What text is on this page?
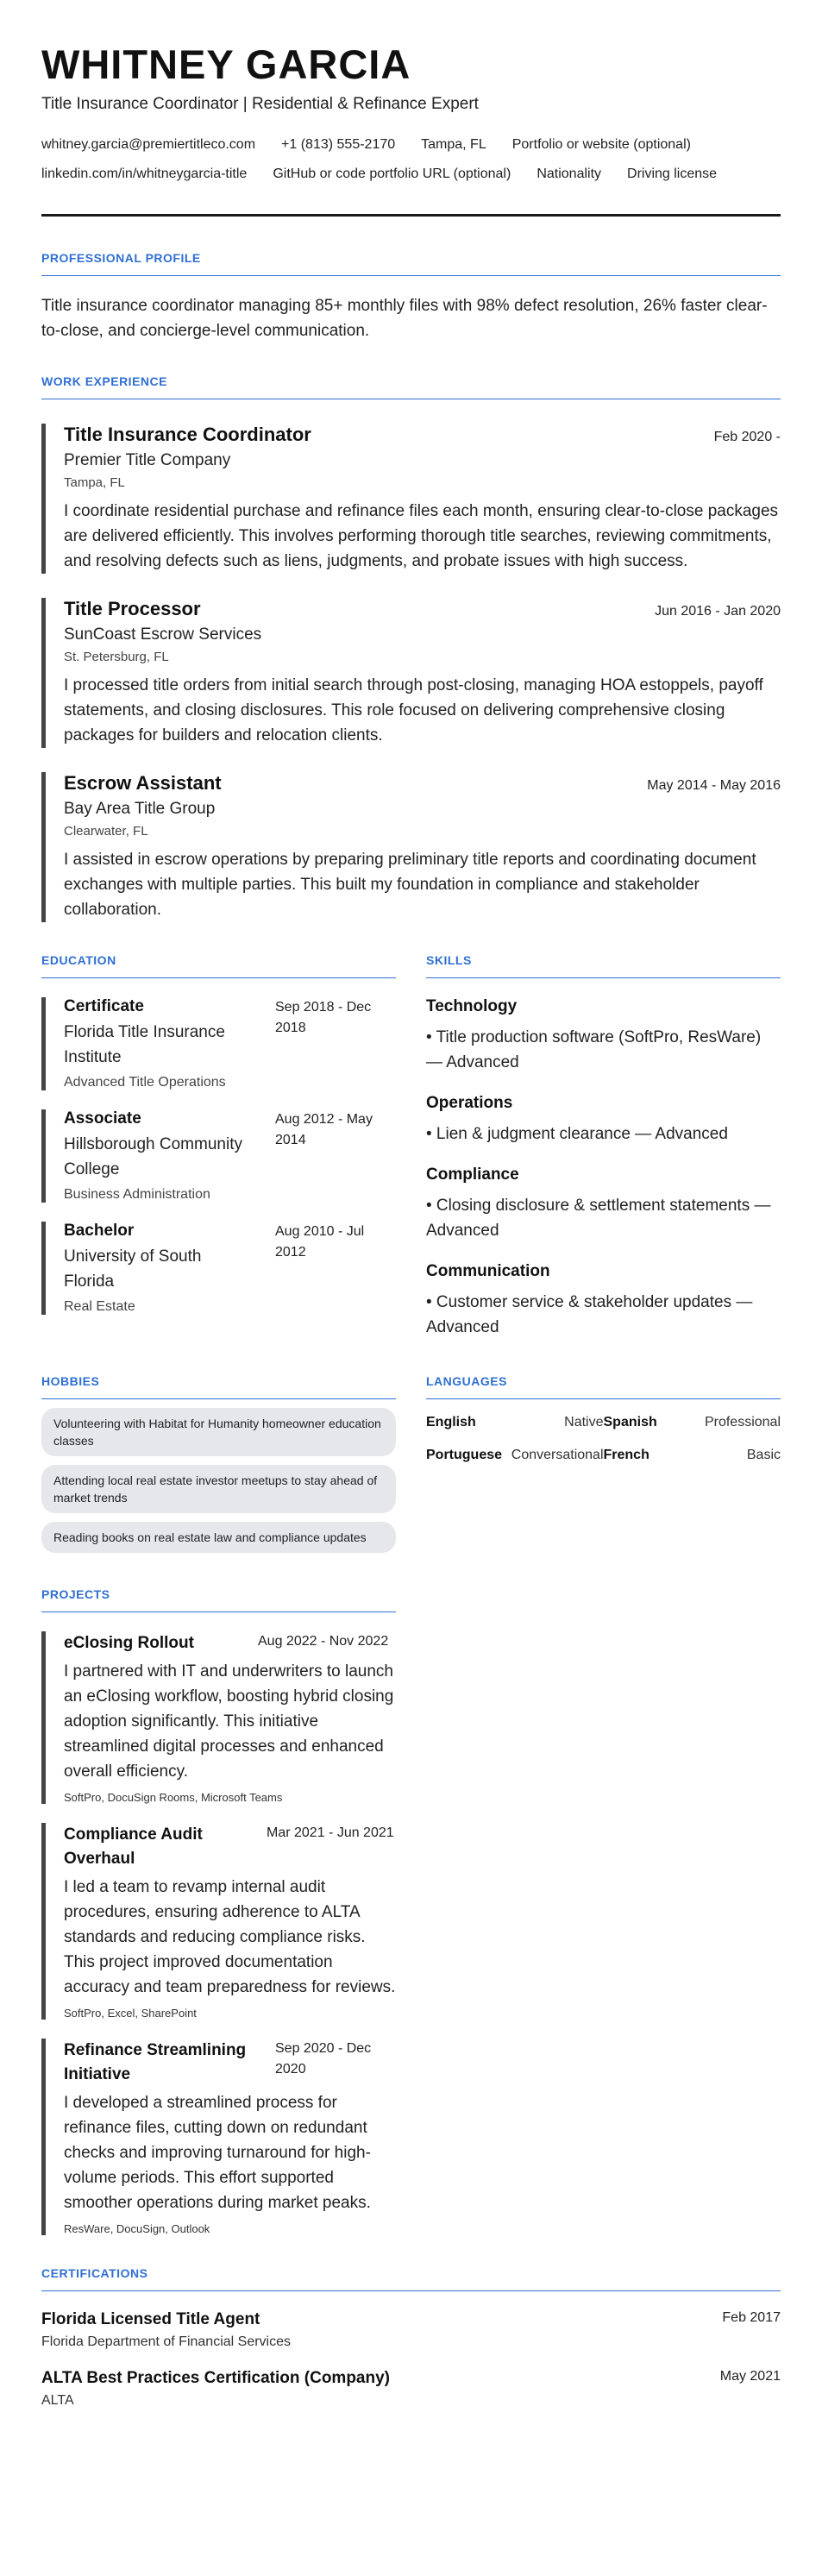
WHITNEY GARCIA
Title Insurance Coordinator | Residential & Refinance Expert
whitney.garcia@premiertitleco.com +1 (813) 555-2170 Tampa, FL Portfolio or website (optional)
linkedin.com/in/whitneygarcia-title GitHub or code portfolio URL (optional) Nationality Driving license
PROFESSIONAL PROFILE
Title insurance coordinator managing 85+ monthly files with 98% defect resolution, 26% faster clear-to-close, and concierge-level communication.
WORK EXPERIENCE
Title Insurance Coordinator	Feb 2020 -
Premier Title Company
Tampa, FL
I coordinate residential purchase and refinance files each month, ensuring clear-to-close packages are delivered efficiently. This involves performing thorough title searches, reviewing commitments, and resolving defects such as liens, judgments, and probate issues with high success.
Title Processor	Jun 2016 - Jan 2020
SunCoast Escrow Services
St. Petersburg, FL
I processed title orders from initial search through post-closing, managing HOA estoppels, payoff statements, and closing disclosures. This role focused on delivering comprehensive closing packages for builders and relocation clients.
Escrow Assistant	May 2014 - May 2016
Bay Area Title Group
Clearwater, FL
I assisted in escrow operations by preparing preliminary title reports and coordinating document exchanges with multiple parties. This built my foundation in compliance and stakeholder collaboration.
EDUCATION
Certificate
Florida Title Insurance Institute
Advanced Title Operations
Sep 2018 - Dec 2018
Associate
Hillsborough Community College
Business Administration
Aug 2012 - May 2014
Bachelor
University of South Florida
Real Estate
Aug 2010 - Jul 2012
SKILLS
Technology
• Title production software (SoftPro, ResWare) — Advanced
Operations
• Lien & judgment clearance — Advanced
Compliance
• Closing disclosure & settlement statements — Advanced
Communication
• Customer service & stakeholder updates — Advanced
HOBBIES
Volunteering with Habitat for Humanity homeowner education classes
Attending local real estate investor meetups to stay ahead of market trends
Reading books on real estate law and compliance updates
LANGUAGES
English	Native Spanish	Professional
Portuguese Conversational French	Basic
PROJECTS
eClosing Rollout	Aug 2022 - Nov 2022
I partnered with IT and underwriters to launch an eClosing workflow, boosting hybrid closing adoption significantly. This initiative streamlined digital processes and enhanced overall efficiency.
SoftPro, DocuSign Rooms, Microsoft Teams
Compliance Audit Overhaul
Mar 2021 - Jun 2021
I led a team to revamp internal audit procedures, ensuring adherence to ALTA standards and reducing compliance risks. This project improved documentation accuracy and team preparedness for reviews.
SoftPro, Excel, SharePoint
Refinance Streamlining Initiative
Sep 2020 - Dec 2020
I developed a streamlined process for refinance files, cutting down on redundant checks and improving turnaround for high-volume periods. This effort supported smoother operations during market peaks.
ResWare, DocuSign, Outlook
CERTIFICATIONS
Florida Licensed Title Agent
Florida Department of Financial Services
Feb 2017
ALTA Best Practices Certification (Company)
ALTA
May 2021
